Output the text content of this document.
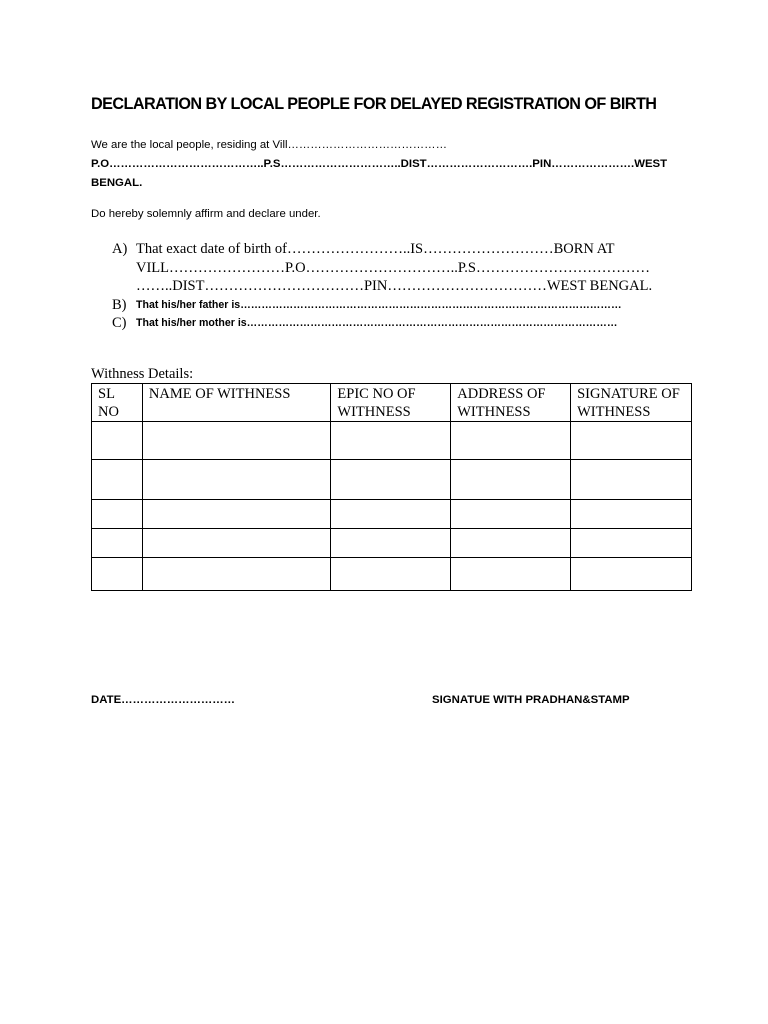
DECLARATION BY LOCAL PEOPLE FOR DELAYED REGISTRATION OF BIRTH
We are the local people, residing at Vill……………………………………
P.O…………………………………..P.S…………………………..DIST……………………….PIN………………….WEST
BENGAL.
Do hereby solemnly affirm and declare under.
A) That exact date of birth of……………………..IS………………………BORN AT
VILL……………………P.O…………………………..P.S………………………………
……..DIST……………………………PIN……………………………WEST BENGAL.
B) That his/her father is………………………………………………………………………………………………
C) That his/her mother is……………………………………………………………………………………………
Withness Details:
SL NO	NAME OF WITHNESS	EPIC NO OF WITHNESS	ADDRESS OF WITHNESS	SIGNATURE OF WITHNESS

DATE…………………………	SIGNATUE WITH PRADHAN&STAMP
